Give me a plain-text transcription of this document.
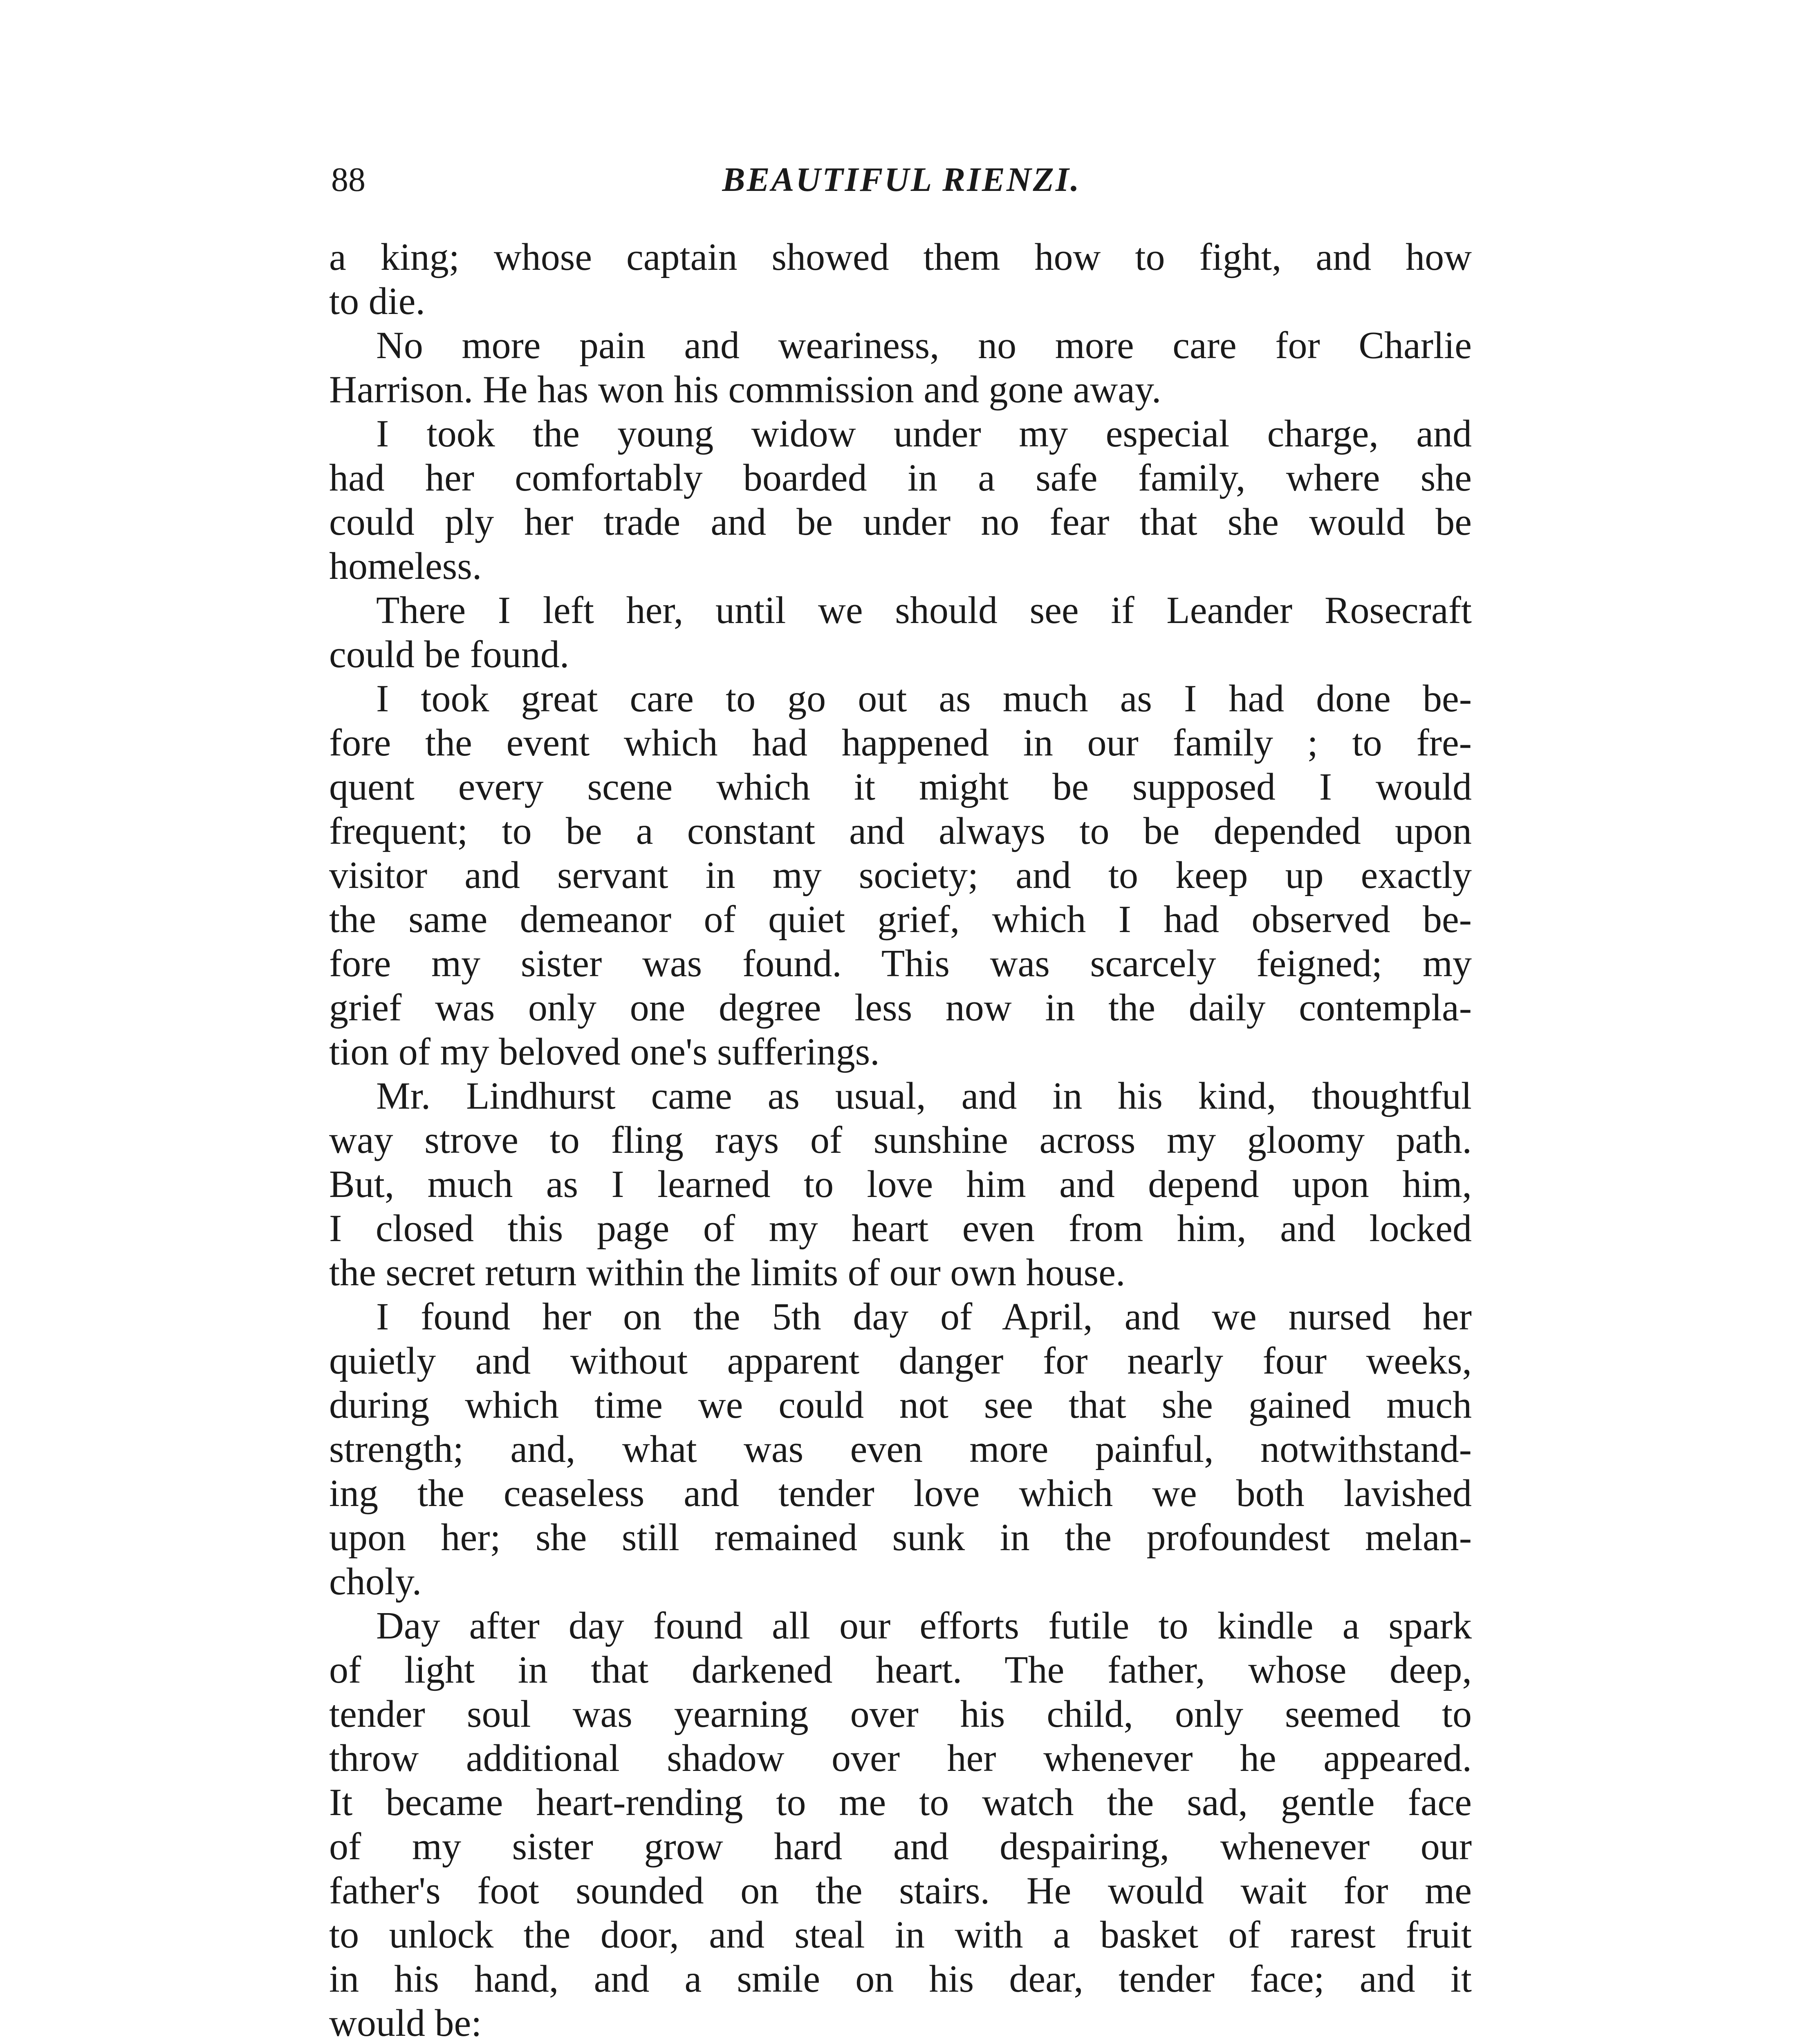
88	BEAUTIFUL RIENZI.
a king; whose captain showed them how to fight, and how
to die.
No more pain and weariness, no more care for Charlie
Harrison. He has won his commission and gone away.
I took the young widow under my especial charge, and
had her comfortably boarded in a safe family, where she
could ply her trade and be under no fear that she would be
homeless.
There I left her, until we should see if Leander Rosecraft
could be found.
I took great care to go out as much as I had done be-
fore the event which had happened in our family ; to fre-
quent every scene which it might be supposed I would
frequent; to be a constant and always to be depended upon
visitor and servant in my society; and to keep up exactly
the same demeanor of quiet grief, which I had observed be-
fore my sister was found. This was scarcely feigned; my
grief was only one degree less now in the daily contempla-
tion of my beloved one's sufferings.
Mr. Lindhurst came as usual, and in his kind, thoughtful
way strove to fling rays of sunshine across my gloomy path.
But, much as I learned to love him and depend upon him,
I closed this page of my heart even from him, and locked
the secret return within the limits of our own house.
I found her on the 5th day of April, and we nursed her
quietly and without apparent danger for nearly four weeks,
during which time we could not see that she gained much
strength; and, what was even more painful, notwithstand-
ing the ceaseless and tender love which we both lavished
upon her; she still remained sunk in the profoundest melan-
choly.
Day after day found all our efforts futile to kindle a spark
of light in that darkened heart. The father, whose deep,
tender soul was yearning over his child, only seemed to
throw additional shadow over her whenever he appeared.
It became heart-rending to me to watch the sad, gentle face
of my sister grow hard and despairing, whenever our
father's foot sounded on the stairs. He would wait for me
to unlock the door, and steal in with a basket of rarest fruit
in his hand, and a smile on his dear, tender face; and it
would be:
